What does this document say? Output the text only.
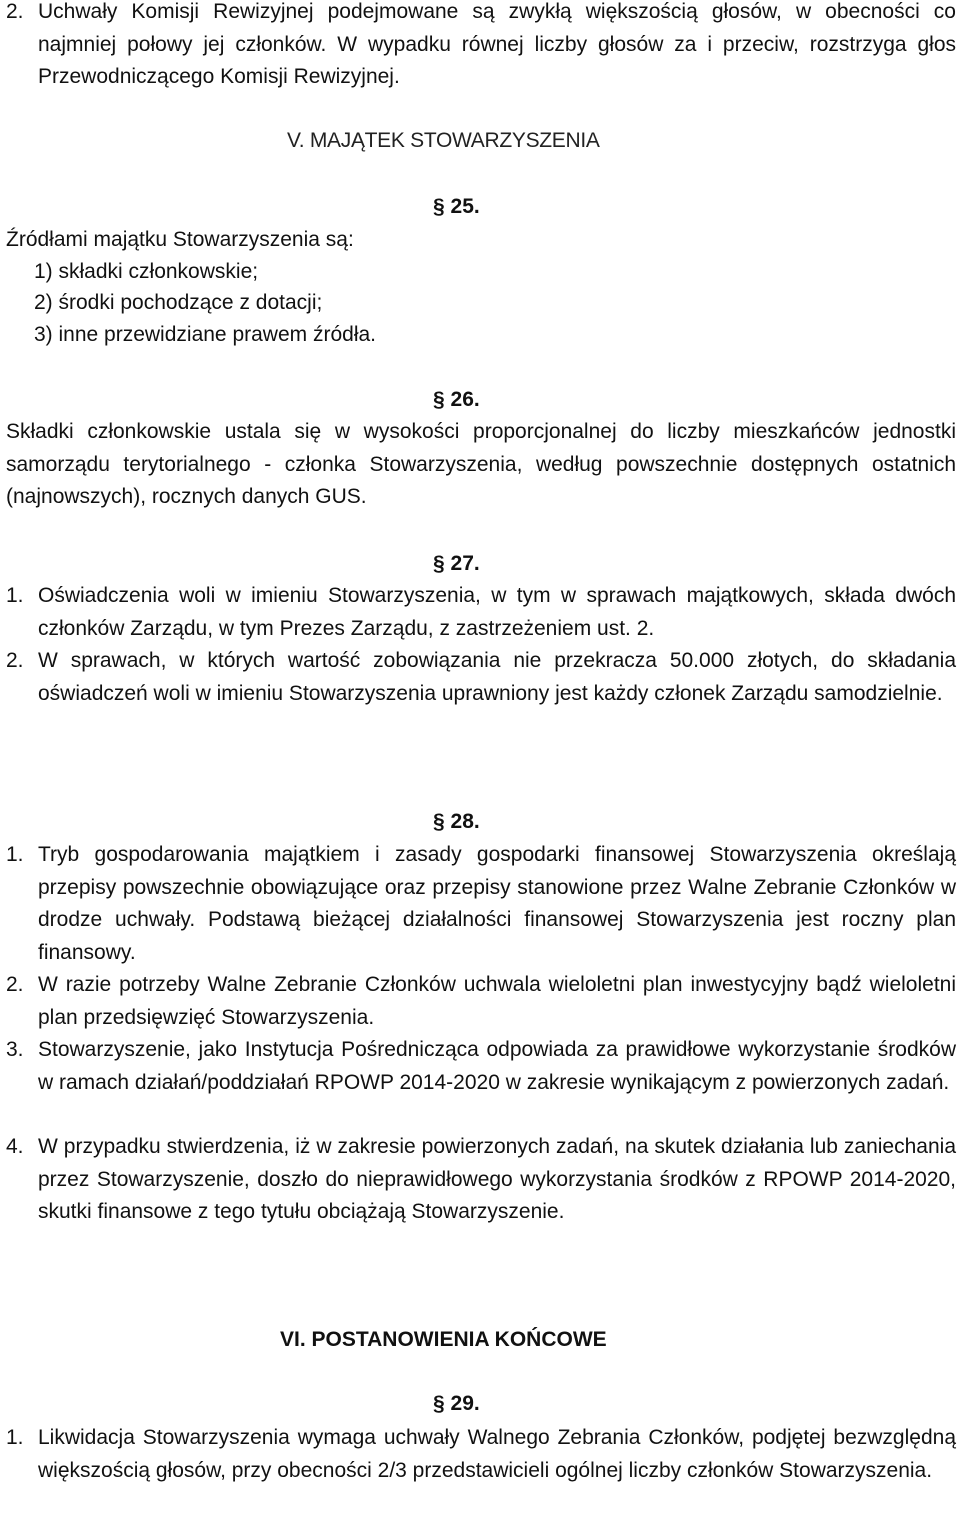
2. Uchwały Komisji Rewizyjnej podejmowane są zwykłą większością głosów, w obecności co najmniej połowy jej członków. W wypadku równej liczby głosów za i przeciw, rozstrzyga głos Przewodniczącego Komisji Rewizyjnej.
V. MAJĄTEK STOWARZYSZENIA
§ 25.
Źródłami majątku Stowarzyszenia są:
1) składki członkowskie;
2) środki pochodzące z dotacji;
3) inne przewidziane prawem źródła.
§ 26.

Składki członkowskie ustala się w wysokości proporcjonalnej do liczby mieszkańców jednostki samorządu terytorialnego - członka Stowarzyszenia, według powszechnie dostępnych ostatnich (najnowszych), rocznych danych GUS.

§ 27.
1. Oświadczenia woli w imieniu Stowarzyszenia, w tym w sprawach majątkowych, składa dwóch członków Zarządu, w tym Prezes Zarządu, z zastrzeżeniem ust. 2.
2. W sprawach, w których wartość zobowiązania nie przekracza 50.000 złotych, do składania oświadczeń woli w imieniu Stowarzyszenia uprawniony jest każdy członek Zarządu samodzielnie.
§ 28.
1. Tryb gospodarowania majątkiem i zasady gospodarki finansowej Stowarzyszenia określają przepisy powszechnie obowiązujące oraz przepisy stanowione przez Walne Zebranie Członków w drodze uchwały. Podstawą bieżącej działalności finansowej Stowarzyszenia jest roczny plan finansowy.
2. W razie potrzeby Walne Zebranie Członków uchwala wieloletni plan inwestycyjny bądź wieloletni plan przedsięwzięć Stowarzyszenia.
3. Stowarzyszenie, jako Instytucja Pośrednicząca odpowiada za prawidłowe wykorzystanie środków w ramach działań/poddziałań RPOWP 2014-2020 w zakresie wynikającym z powierzonych zadań.
4. W przypadku stwierdzenia, iż w zakresie powierzonych zadań, na skutek działania lub zaniechania przez Stowarzyszenie, doszło do nieprawidłowego wykorzystania środków z RPOWP 2014-2020, skutki finansowe z tego tytułu obciążają Stowarzyszenie.
VI. POSTANOWIENIA KOŃCOWE
§ 29.
1. Likwidacja Stowarzyszenia wymaga uchwały Walnego Zebrania Członków, podjętej bezwzględną większością głosów, przy obecności 2/3 przedstawicieli ogólnej liczby członków Stowarzyszenia.
